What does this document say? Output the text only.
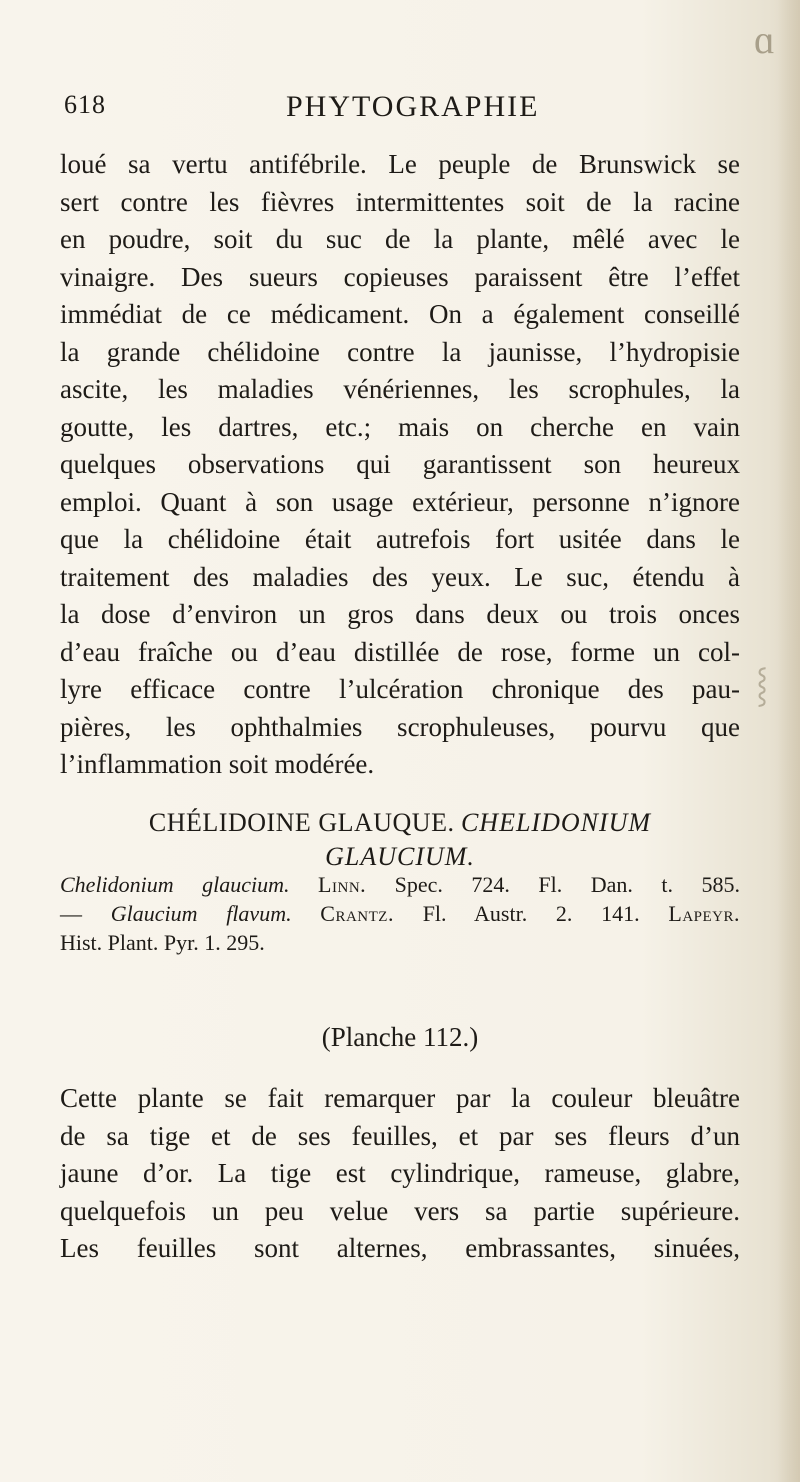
ɑ
⸾
618	PHYTOGRAPHIE
loué sa vertu antifébrile. Le peuple de Brunswick se
sert contre les fièvres intermittentes soit de la racine
en poudre, soit du suc de la plante, mêlé avec le
vinaigre. Des sueurs copieuses paraissent être l’effet
immédiat de ce médicament. On a également conseillé
la grande chélidoine contre la jaunisse, l’hydropisie
ascite, les maladies vénériennes, les scrophules, la
goutte, les dartres, etc.; mais on cherche en vain
quelques observations qui garantissent son heureux
emploi. Quant à son usage extérieur, personne n’ignore
que la chélidoine était autrefois fort usitée dans le
traitement des maladies des yeux. Le suc, étendu à
la dose d’environ un gros dans deux ou trois onces
d’eau fraîche ou d’eau distillée de rose, forme un col-
lyre efficace contre l’ulcération chronique des pau-
pières, les ophthalmies scrophuleuses, pourvu que
l’inflammation soit modérée.
CHÉLIDOINE GLAUQUE. CHELIDONIUM
GLAUCIUM.
Chelidonium glaucium. Linn. Spec. 724. Fl. Dan. t. 585.
— Glaucium flavum. Crantz. Fl. Austr. 2. 141. Lapeyr.
Hist. Plant. Pyr. 1. 295.
(Planche 112.)
Cette plante se fait remarquer par la couleur bleuâtre
de sa tige et de ses feuilles, et par ses fleurs d’un
jaune d’or. La tige est cylindrique, rameuse, glabre,
quelquefois un peu velue vers sa partie supérieure.
Les feuilles sont alternes, embrassantes, sinuées,
